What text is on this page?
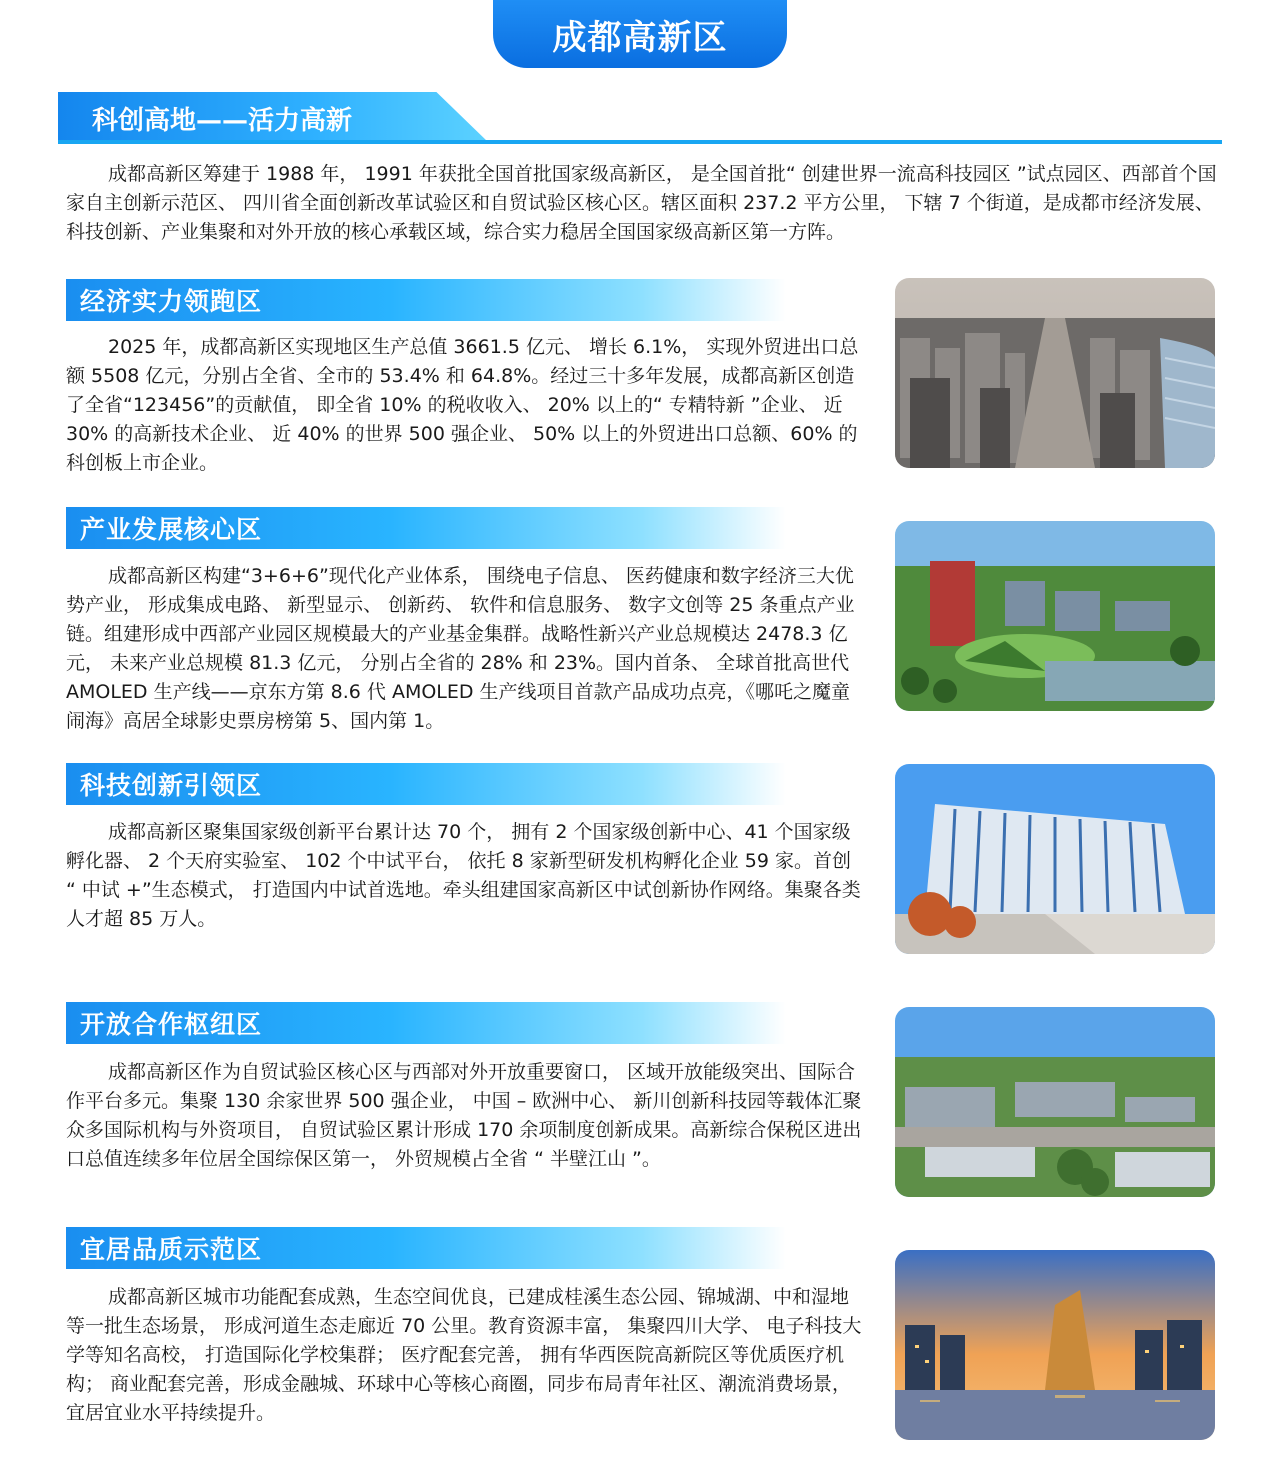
成都高新区
科创高地——活力高新

成都高新区筹建于 1988 年， 1991 年获批全国首批国家级高新区， 是全国首批“ 创建世界一流高科技园区 ”试点园区、西部首个国家自主创新示范区、 四川省全面创新改革试验区和自贸试验区核心区。辖区面积 237.2 平方公里， 下辖 7 个街道，是成都市经济发展、科技创新、产业集聚和对外开放的核心承载区域，综合实力稳居全国国家级高新区第一方阵。

经济实力领跑区

2025 年，成都高新区实现地区生产总值 3661.5 亿元、 增长 6.1%， 实现外贸进出口总额 5508 亿元，分别占全省、全市的 53.4% 和 64.8%。经过三十多年发展，成都高新区创造了全省“123456”的贡献值， 即全省 10% 的税收收入、 20% 以上的“ 专精特新 ”企业、 近 30% 的高新技术企业、 近 40% 的世界 500 强企业、 50% 以上的外贸进出口总额、60% 的科创板上市企业。

产业发展核心区

成都高新区构建“3+6+6”现代化产业体系， 围绕电子信息、 医药健康和数字经济三大优势产业， 形成集成电路、 新型显示、 创新药、 软件和信息服务、 数字文创等 25 条重点产业链。组建形成中西部产业园区规模最大的产业基金集群。战略性新兴产业总规模达 2478.3 亿元， 未来产业总规模 81.3 亿元， 分别占全省的 28% 和 23%。国内首条、 全球首批高世代 AMOLED 生产线——京东方第 8.6 代 AMOLED 生产线项目首款产品成功点亮，《哪吒之魔童闹海》高居全球影史票房榜第 5、国内第 1。

科技创新引领区

成都高新区聚集国家级创新平台累计达 70 个， 拥有 2 个国家级创新中心、41 个国家级孵化器、 2 个天府实验室、 102 个中试平台， 依托 8 家新型研发机构孵化企业 59 家。首创 “ 中试 +”生态模式， 打造国内中试首选地。牵头组建国家高新区中试创新协作网络。集聚各类人才超 85 万人。

开放合作枢纽区

成都高新区作为自贸试验区核心区与西部对外开放重要窗口， 区域开放能级突出、国际合作平台多元。集聚 130 余家世界 500 强企业， 中国 – 欧洲中心、 新川创新科技园等载体汇聚众多国际机构与外资项目， 自贸试验区累计形成 170 余项制度创新成果。高新综合保税区进出口总值连续多年位居全国综保区第一， 外贸规模占全省 “ 半壁江山 ”。

宜居品质示范区

成都高新区城市功能配套成熟，生态空间优良，已建成桂溪生态公园、锦城湖、中和湿地等一批生态场景， 形成河道生态走廊近 70 公里。教育资源丰富， 集聚四川大学、 电子科技大学等知名高校， 打造国际化学校集群； 医疗配套完善， 拥有华西医院高新院区等优质医疗机构； 商业配套完善，形成金融城、环球中心等核心商圈，同步布局青年社区、潮流消费场景，宜居宜业水平持续提升。
